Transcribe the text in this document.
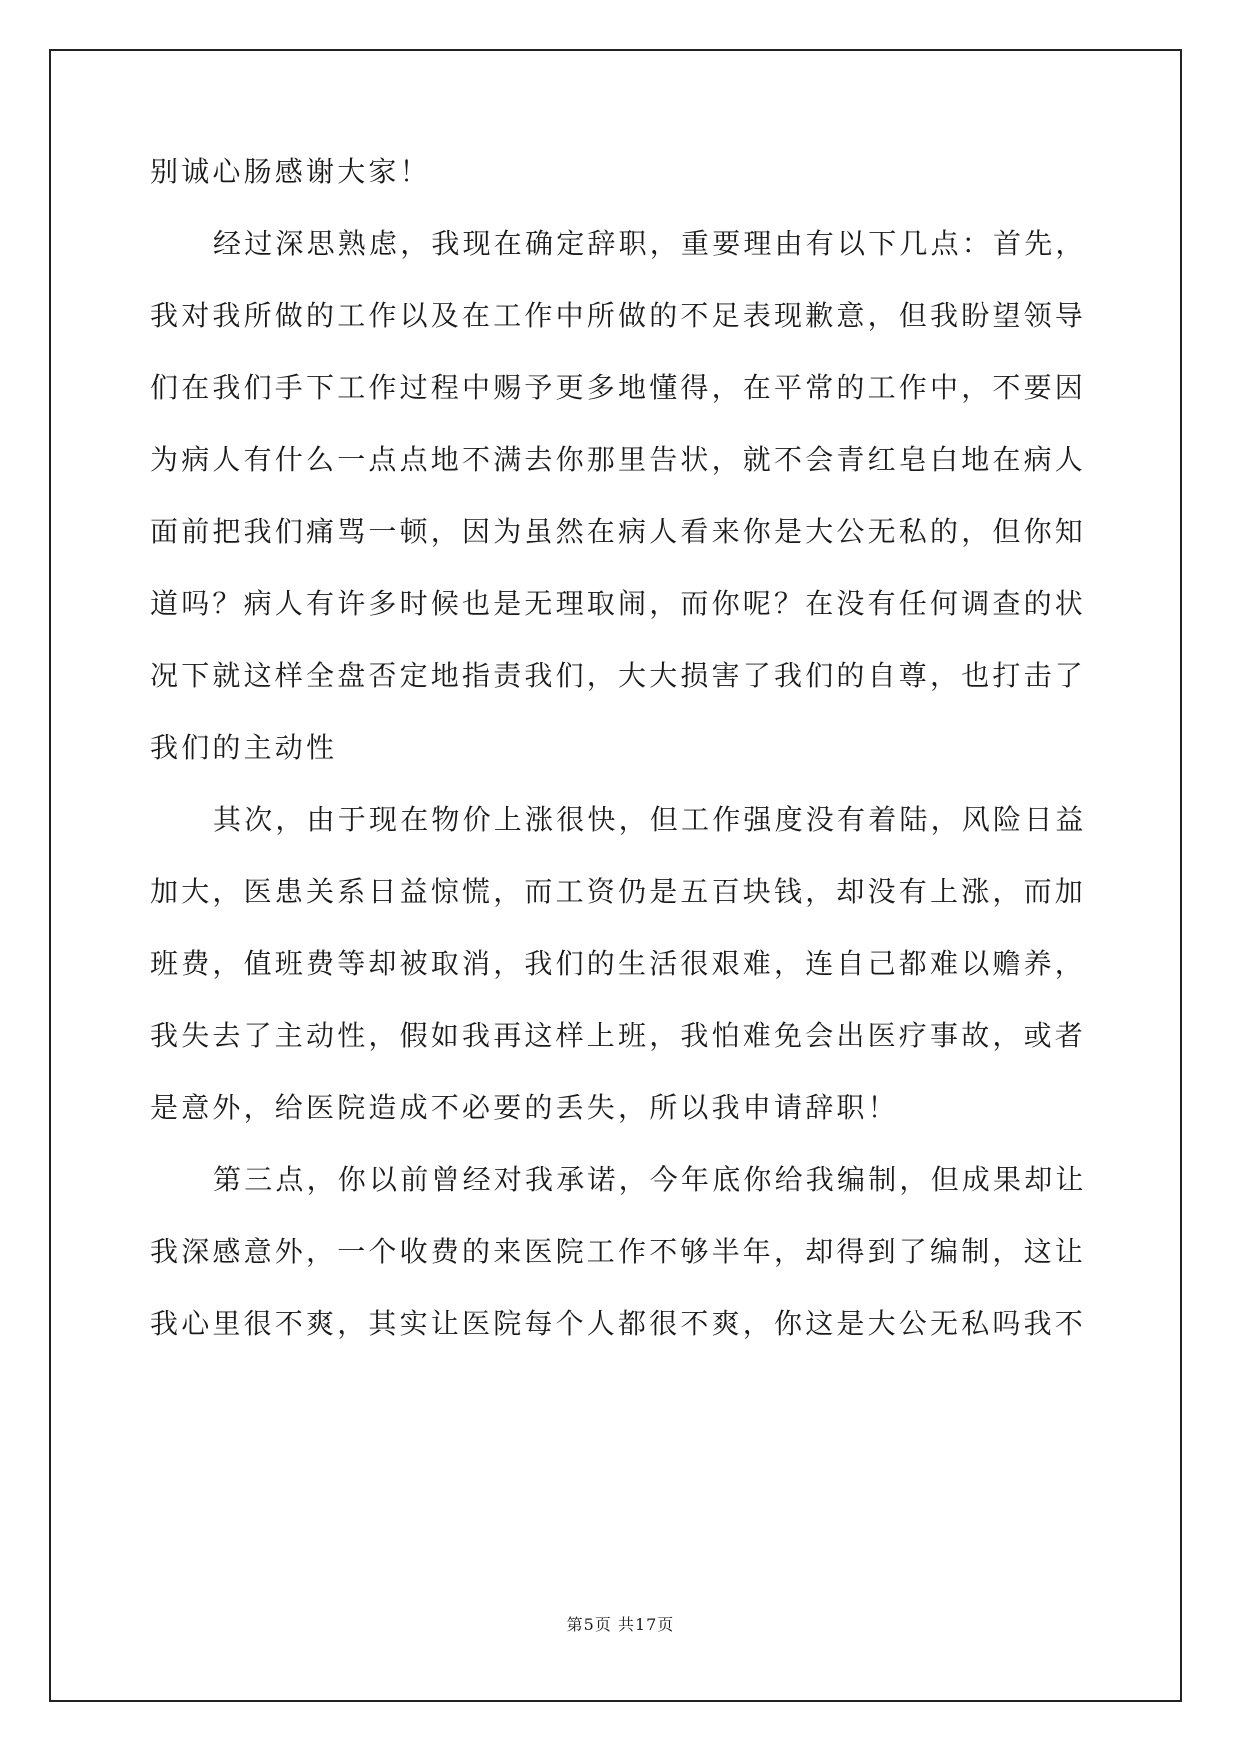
别诚心肠感谢大家！
经过深思熟虑，我现在确定辞职，重要理由有以下几点：首先，
我对我所做的工作以及在工作中所做的不足表现歉意，但我盼望领导
们在我们手下工作过程中赐予更多地懂得，在平常的工作中，不要因
为病人有什么一点点地不满去你那里告状，就不会青红皂白地在病人
面前把我们痛骂一顿，因为虽然在病人看来你是大公无私的，但你知
道吗？病人有许多时候也是无理取闹，而你呢？在没有任何调查的状
况下就这样全盘否定地指责我们，大大损害了我们的自尊，也打击了
我们的主动性
其次，由于现在物价上涨很快，但工作强度没有着陆，风险日益
加大，医患关系日益惊慌，而工资仍是五百块钱，却没有上涨，而加
班费，值班费等却被取消，我们的生活很艰难，连自己都难以赡养，
我失去了主动性，假如我再这样上班，我怕难免会出医疗事故，或者
是意外，给医院造成不必要的丢失，所以我申请辞职！
第三点，你以前曾经对我承诺，今年底你给我编制，但成果却让
我深感意外，一个收费的来医院工作不够半年，却得到了编制，这让
我心里很不爽，其实让医院每个人都很不爽，你这是大公无私吗我不
第5页 共17页
